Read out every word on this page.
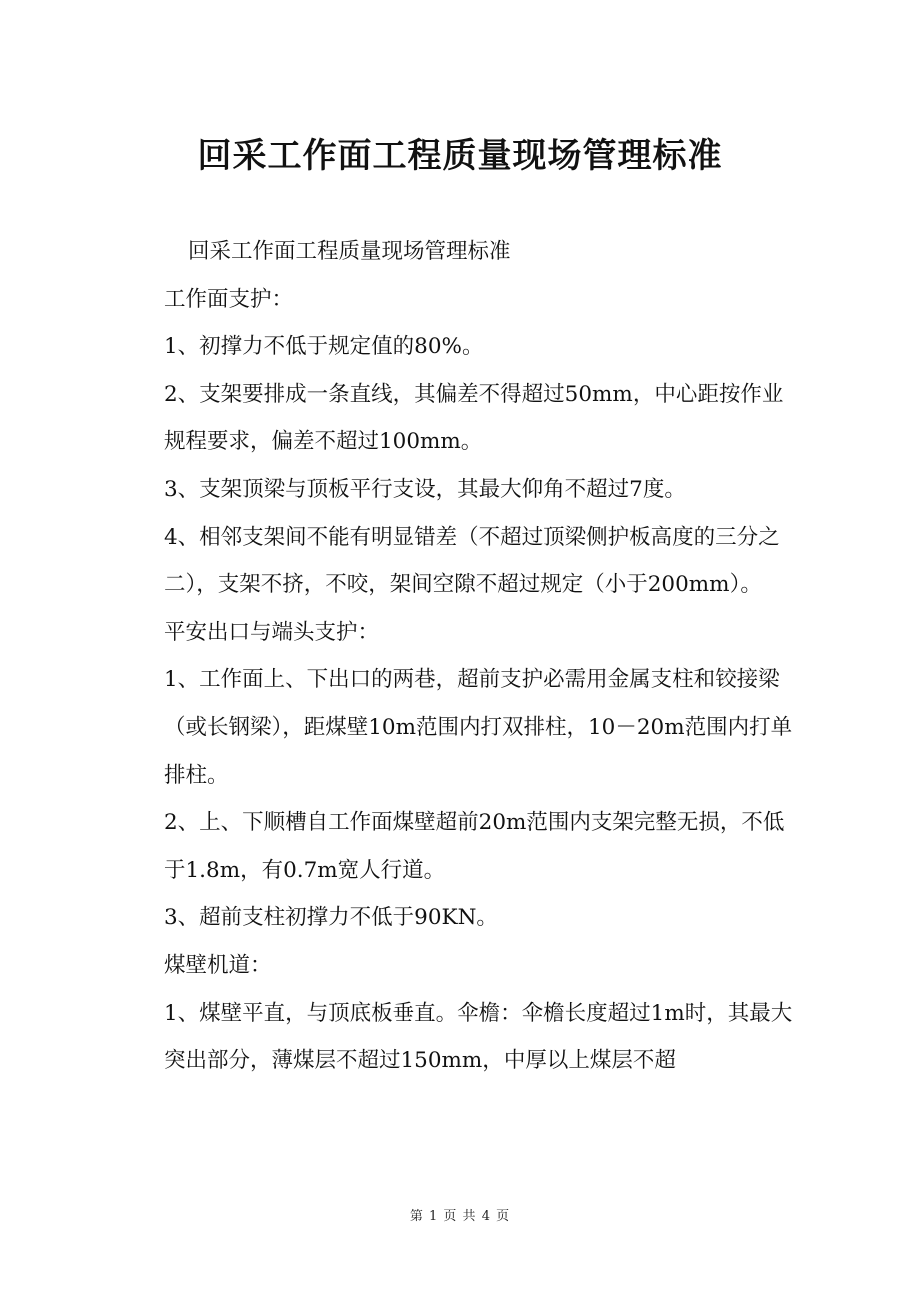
回采工作面工程质量现场管理标准

回采工作面工程质量现场管理标准

工作面支护：

1、初撑力不低于规定值的80%。

2、支架要排成一条直线，其偏差不得超过50mm，中心距按作业规程要求，偏差不超过100mm。

3、支架顶梁与顶板平行支设，其最大仰角不超过7度。

4、相邻支架间不能有明显错差（不超过顶梁侧护板高度的三分之二），支架不挤，不咬，架间空隙不超过规定（小于200mm）。

平安出口与端头支护：

1、工作面上、下出口的两巷，超前支护必需用金属支柱和铰接梁（或长钢梁），距煤壁10m范围内打双排柱，10－20m范围内打单排柱。

2、上、下顺槽自工作面煤壁超前20m范围内支架完整无损，不低于1.8m，有0.7m宽人行道。

3、超前支柱初撑力不低于90KN。

煤壁机道：

1、煤壁平直，与顶底板垂直。伞檐：伞檐长度超过1m时，其最大突出部分，薄煤层不超过150mm，中厚以上煤层不超

第 1 页 共 4 页
